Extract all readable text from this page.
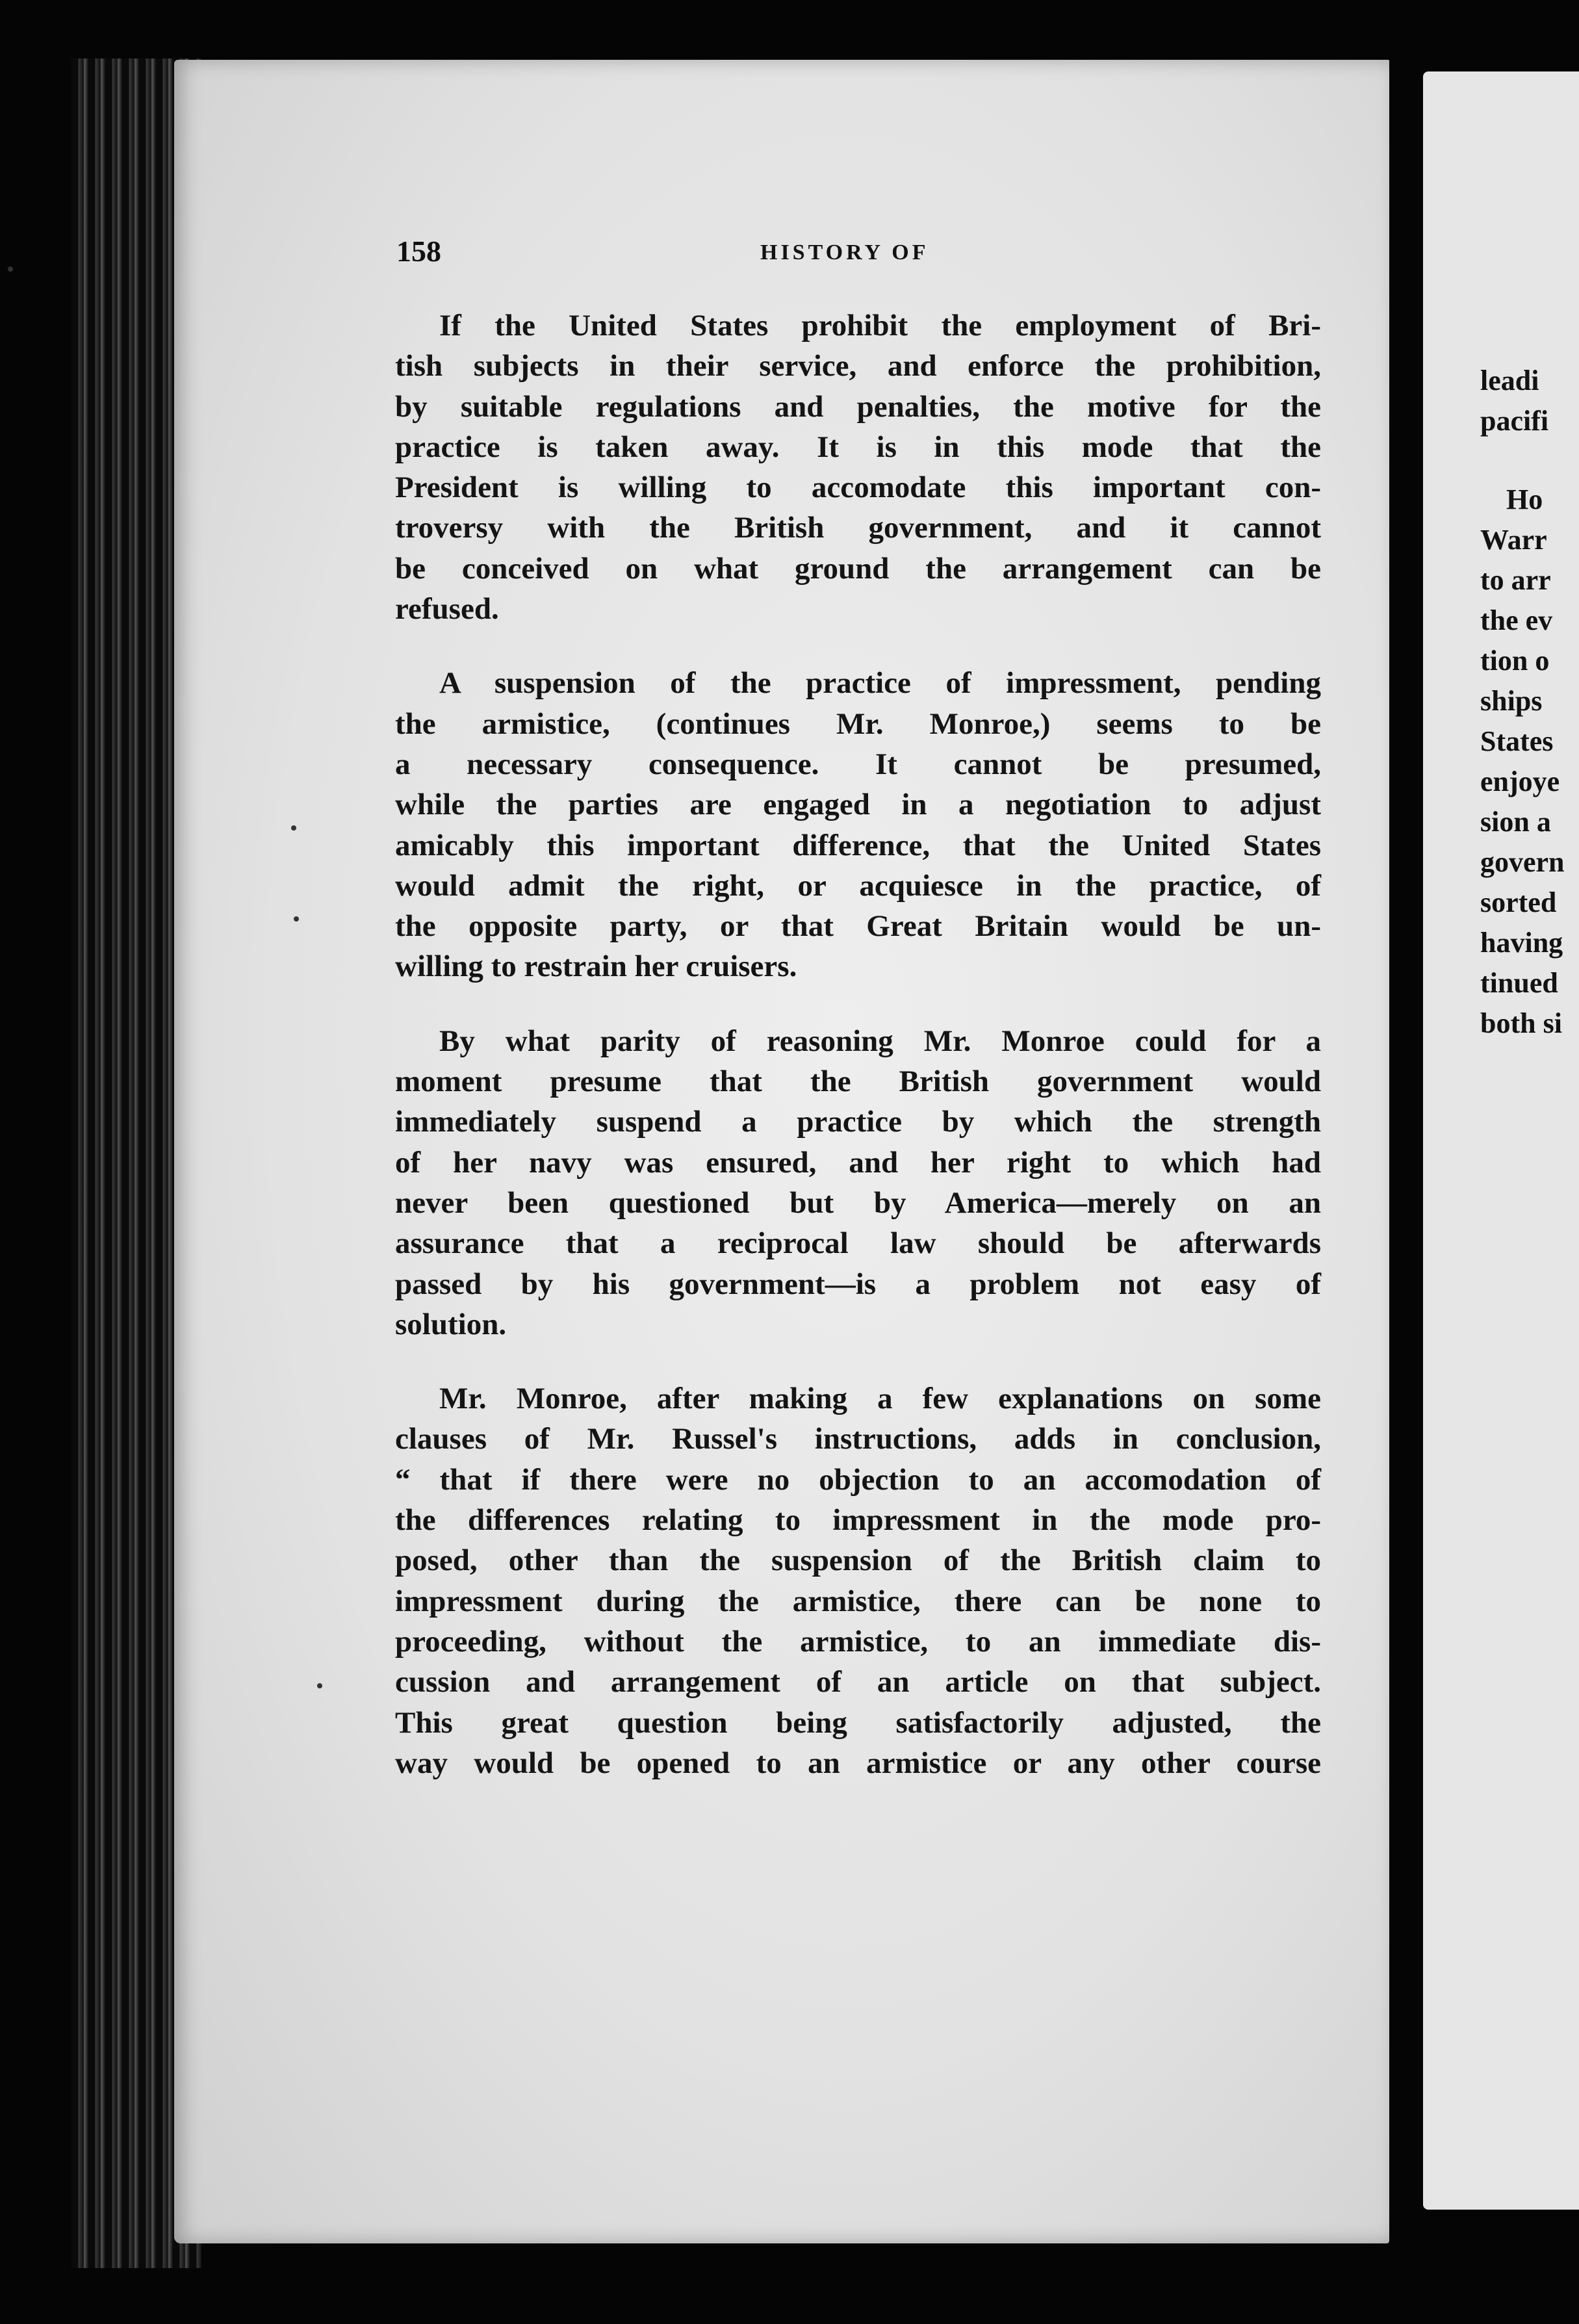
158	HISTORY OF
If the United States prohibit the employment of Bri-
tish subjects in their service, and enforce the prohibition,
by suitable regulations and penalties, the motive for the
practice is taken away. It is in this mode that the
President is willing to accomodate this important con-
troversy with the British government, and it cannot
be conceived on what ground the arrangement can be
refused.
A suspension of the practice of impressment, pending
the armistice, (continues Mr. Monroe,) seems to be
a necessary consequence. It cannot be presumed,
while the parties are engaged in a negotiation to adjust
amicably this important difference, that the United States
would admit the right, or acquiesce in the practice, of
the opposite party, or that Great Britain would be un-
willing to restrain her cruisers.
By what parity of reasoning Mr. Monroe could for a
moment presume that the British government would
immediately suspend a practice by which the strength
of her navy was ensured, and her right to which had
never been questioned but by America—merely on an
assurance that a reciprocal law should be afterwards
passed by his government—is a problem not easy of
solution.
Mr. Monroe, after making a few explanations on some
clauses of Mr. Russel's instructions, adds in conclusion,
“ that if there were no objection to an accomodation of
the differences relating to impressment in the mode pro-
posed, other than the suspension of the British claim to
impressment during the armistice, there can be none to
proceeding, without the armistice, to an immediate dis-
cussion and arrangement of an article on that subject.
This great question being satisfactorily adjusted, the
way would be opened to an armistice or any other course
leadi
pacifi
Ho
Warr
to arr
the ev
tion o
ships
States
enjoye
sion a
govern
sorted
having
tinued
both si
